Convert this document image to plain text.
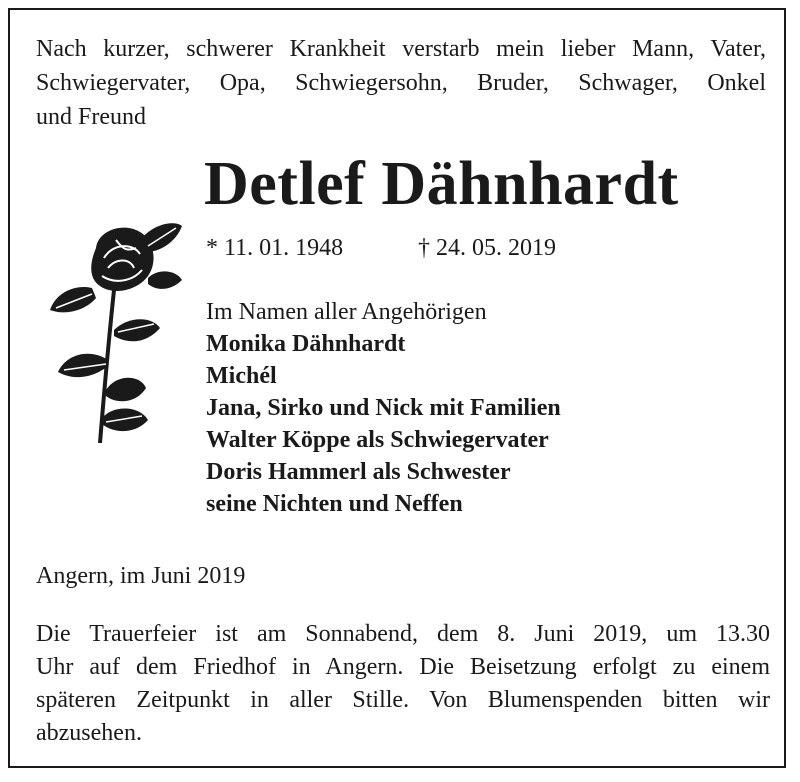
Nach kurzer, schwerer Krankheit verstarb mein lieber Mann, Vater,
Schwiegervater, Opa, Schwiegersohn, Bruder, Schwager, Onkel
und Freund
Detlef Dähnhardt
* 11. 01. 1948	† 24. 05. 2019
Im Namen aller Angehörigen
Monika Dähnhardt
Michél
Jana, Sirko und Nick mit Familien
Walter Köppe als Schwiegervater
Doris Hammerl als Schwester
seine Nichten und Neffen
Angern, im Juni 2019
Die Trauerfeier ist am Sonnabend, dem 8. Juni 2019, um 13.30
Uhr auf dem Friedhof in Angern. Die Beisetzung erfolgt zu einem
späteren Zeitpunkt in aller Stille. Von Blumenspenden bitten wir
abzusehen.
